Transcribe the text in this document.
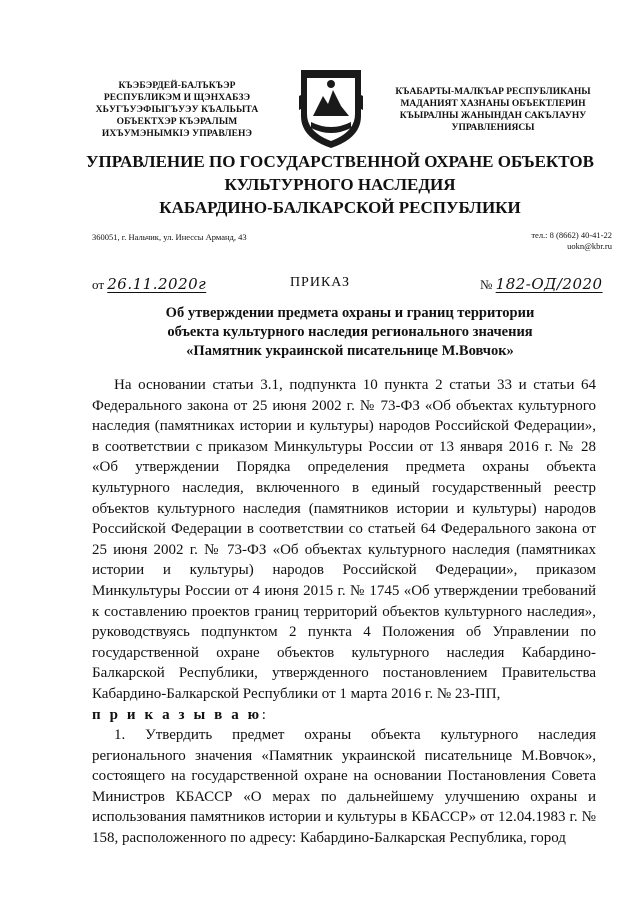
КЪЭБЭРДЕЙ-БАЛЪКЪЭР
РЕСПУБЛИКЭМ И ЩЭНХАБЗЭ
ХЬУГЪУЭФIЫГЪУЭУ КЪАЛЬЫТА
ОБЪЕКТХЭР КЪЭРАЛЫМ
ИХЪУМЭНЫМКIЭ УПРАВЛЕНЭ
КЪАБАРТЫ-МАЛКЪАР РЕСПУБЛИКАНЫ
МАДАНИЯТ ХАЗНАНЫ ОБЪЕКТЛЕРИН
КЪЫРАЛНЫ ЖАНЫНДАН САКЪЛАУНУ
УПРАВЛЕНИЯСЫ
УПРАВЛЕНИЕ ПО ГОСУДАРСТВЕННОЙ ОХРАНЕ ОБЪЕКТОВ
КУЛЬТУРНОГО НАСЛЕДИЯ
КАБАРДИНО-БАЛКАРСКОЙ РЕСПУБЛИКИ
360051, г. Нальчик, ул. Инессы Арманд, 43	тел.: 8 (8662) 40-41-22
uokn@kbr.ru
ПРИКАЗ
от 26.11.2020г	№ 182-ОД/2020
Об утверждении предмета охраны и границ территории
объекта культурного наследия регионального значения
«Памятник украинской писательнице М.Вовчок»

На основании статьи 3.1, подпункта 10 пункта 2 статьи 33 и статьи 64 Федерального закона от 25 июня 2002 г. № 73-ФЗ «Об объектах культурного наследия (памятниках истории и культуры) народов Российской Федерации», в соответствии с приказом Минкультуры России от 13 января 2016 г. № 28 «Об утверждении Порядка определения предмета охраны объекта культурного наследия, включенного в единый государственный реестр объектов культурного наследия (памятников истории и культуры) народов Российской Федерации в соответствии со статьей 64 Федерального закона от 25 июня 2002 г. № 73-ФЗ «Об объектах культурного наследия (памятниках истории и культуры) народов Российской Федерации», приказом Минкультуры России от 4 июня 2015 г. № 1745 «Об утверждении требований к составлению проектов границ территорий объектов культурного наследия», руководствуясь подпунктом 2 пункта 4 Положения об Управлении по государственной охране объектов культурного наследия Кабардино-Балкарской Республики, утвержденного постановлением Правительства Кабардино-Балкарской Республики от 1 марта 2016 г. № 23-ПП,

п р и к а з ы в а ю:

1. Утвердить предмет охраны объекта культурного наследия регионального значения «Памятник украинской писательнице М.Вовчок», состоящего на государственной охране на основании Постановления Совета Министров КБАССР «О мерах по дальнейшему улучшению охраны и использования памятников истории и культуры в КБАССР» от 12.04.1983 г. № 158, расположенного по адресу: Кабардино-Балкарская Республика, город
